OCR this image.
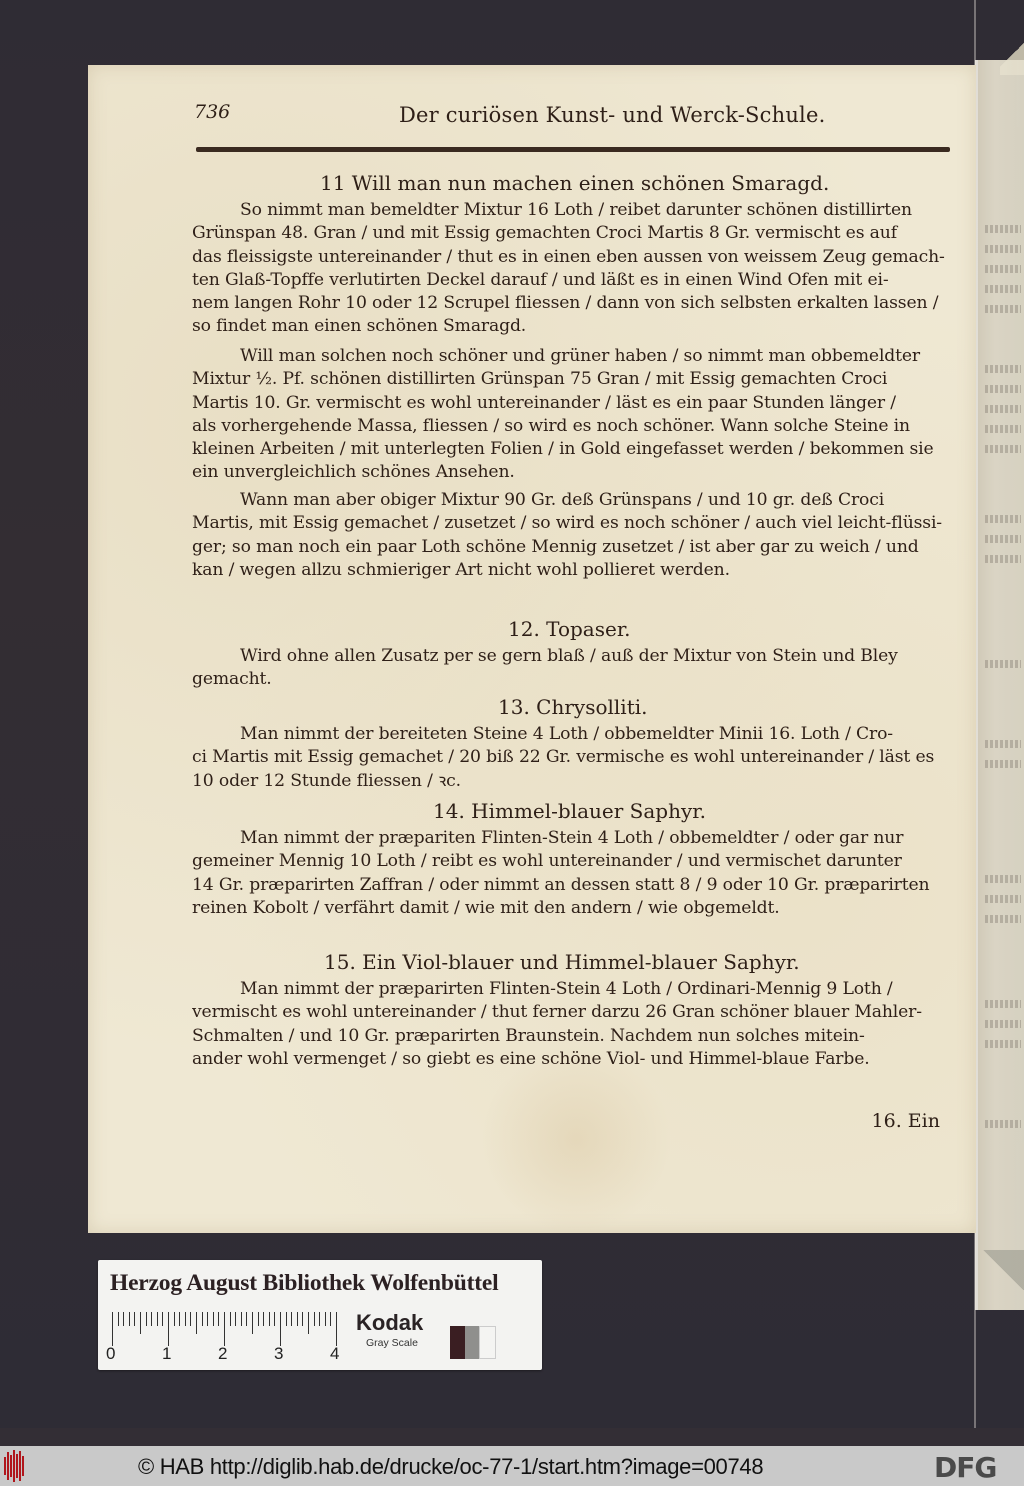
736	Der curiösen Kunst- und Werck-Schule.
11 Will man nun machen einen schönen Smaragd.
So nimmt man bemeldter Mixtur 16 Loth / reibet darunter schönen distillirten
Grünspan 48. Gran / und mit Essig gemachten Croci Martis 8 Gr. vermischt es auf
das fleissigste untereinander / thut es in einen eben aussen von weissem Zeug gemach-
ten Glaß-Topffe verlutirten Deckel darauf / und läßt es in einen Wind Ofen mit ei-
nem langen Rohr 10 oder 12 Scrupel fliessen / dann von sich selbsten erkalten lassen /
so findet man einen schönen Smaragd.
Will man solchen noch schöner und grüner haben / so nimmt man obbemeldter
Mixtur ½. Pf. schönen distillirten Grünspan 75 Gran / mit Essig gemachten Croci
Martis 10. Gr. vermischt es wohl untereinander / läst es ein paar Stunden länger /
als vorhergehende Massa, fliessen / so wird es noch schöner. Wann solche Steine in
kleinen Arbeiten / mit unterlegten Folien / in Gold eingefasset werden / bekommen sie
ein unvergleichlich schönes Ansehen.
Wann man aber obiger Mixtur 90 Gr. deß Grünspans / und 10 gr. deß Croci
Martis, mit Essig gemachet / zusetzet / so wird es noch schöner / auch viel leicht-flüssi-
ger; so man noch ein paar Loth schöne Mennig zusetzet / ist aber gar zu weich / und
kan / wegen allzu schmieriger Art nicht wohl pollieret werden.
12. Topaser.
Wird ohne allen Zusatz per se gern blaß / auß der Mixtur von Stein und Bley
gemacht.
13. Chrysolliti.
Man nimmt der bereiteten Steine 4 Loth / obbemeldter Minii 16. Loth / Cro-
ci Martis mit Essig gemachet / 20 biß 22 Gr. vermische es wohl untereinander / läst es
10 oder 12 Stunde fliessen / ꝛc.
14. Himmel-blauer Saphyr.
Man nimmt der præpariten Flinten-Stein 4 Loth / obbemeldter / oder gar nur
gemeiner Mennig 10 Loth / reibt es wohl untereinander / und vermischet darunter
14 Gr. præparirten Zaffran / oder nimmt an dessen statt 8 / 9 oder 10 Gr. præparirten
reinen Kobolt / verfährt damit / wie mit den andern / wie obgemeldt.
15. Ein Viol-blauer und Himmel-blauer Saphyr.
Man nimmt der præparirten Flinten-Stein 4 Loth / Ordinari-Mennig 9 Loth /
vermischt es wohl untereinander / thut ferner darzu 26 Gran schöner blauer Mahler-
Schmalten / und 10 Gr. præparirten Braunstein. Nachdem nun solches mitein-
ander wohl vermenget / so giebt es eine schöne Viol- und Himmel-blaue Farbe.
16. Ein
Herzog August Bibliothek Wolfenbüttel
0	1	2	3	4
Kodak
Gray Scale
© HAB http://diglib.hab.de/drucke/oc-77-1/start.htm?image=00748	DFG
